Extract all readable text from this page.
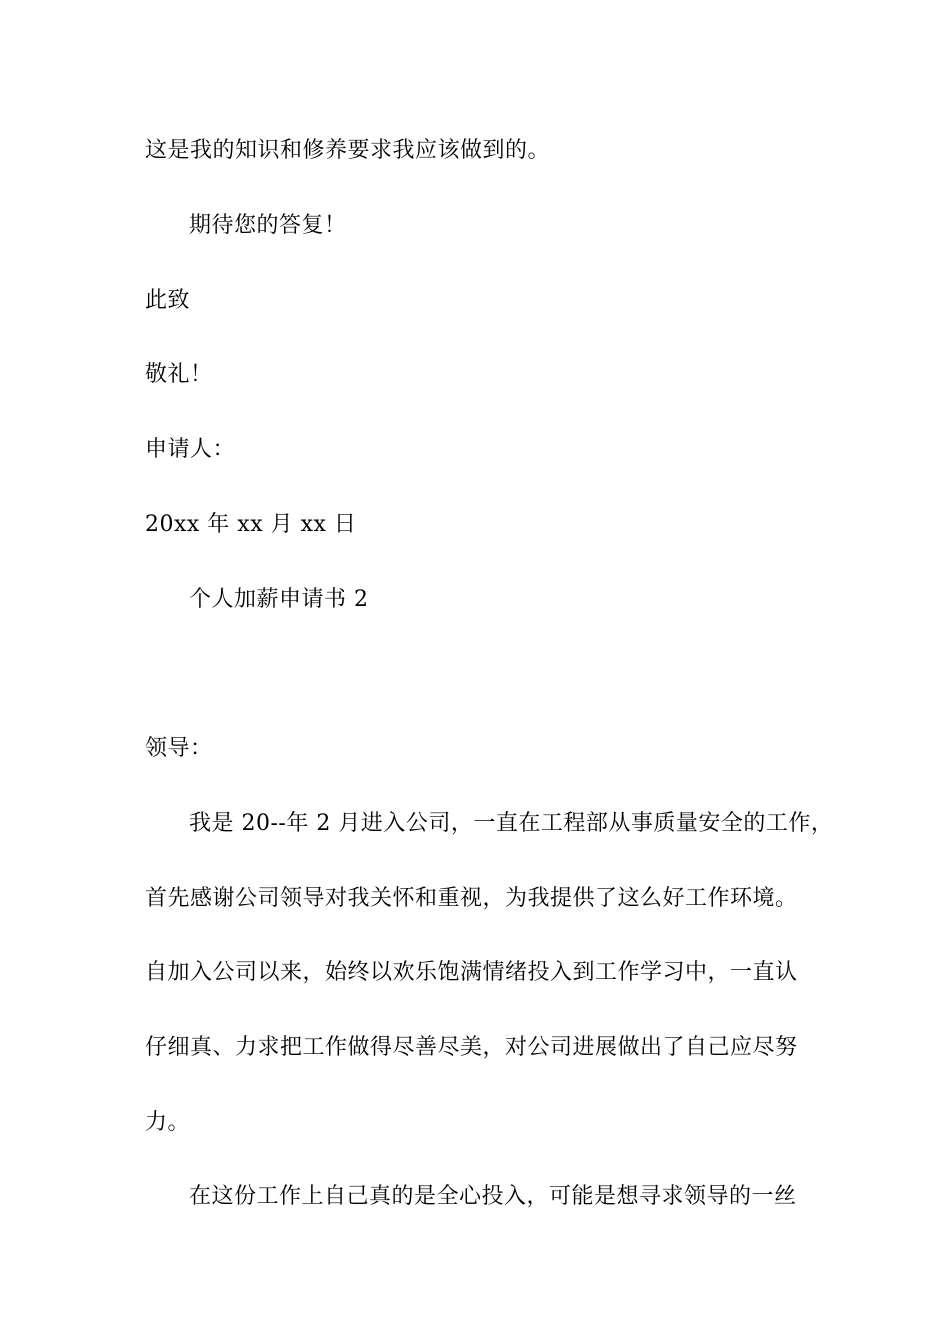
这是我的知识和修养要求我应该做到的。
期待您的答复！
此致
敬礼！
申请人：
20xx 年 xx 月 xx 日
个人加薪申请书 2
领导：
我是 20--年 2 月进入公司，一直在工程部从事质量安全的工作，
首先感谢公司领导对我关怀和重视，为我提供了这么好工作环境。
自加入公司以来，始终以欢乐饱满情绪投入到工作学习中，一直认
仔细真、力求把工作做得尽善尽美，对公司进展做出了自己应尽努
力。
在这份工作上自己真的是全心投入，可能是想寻求领导的一丝
